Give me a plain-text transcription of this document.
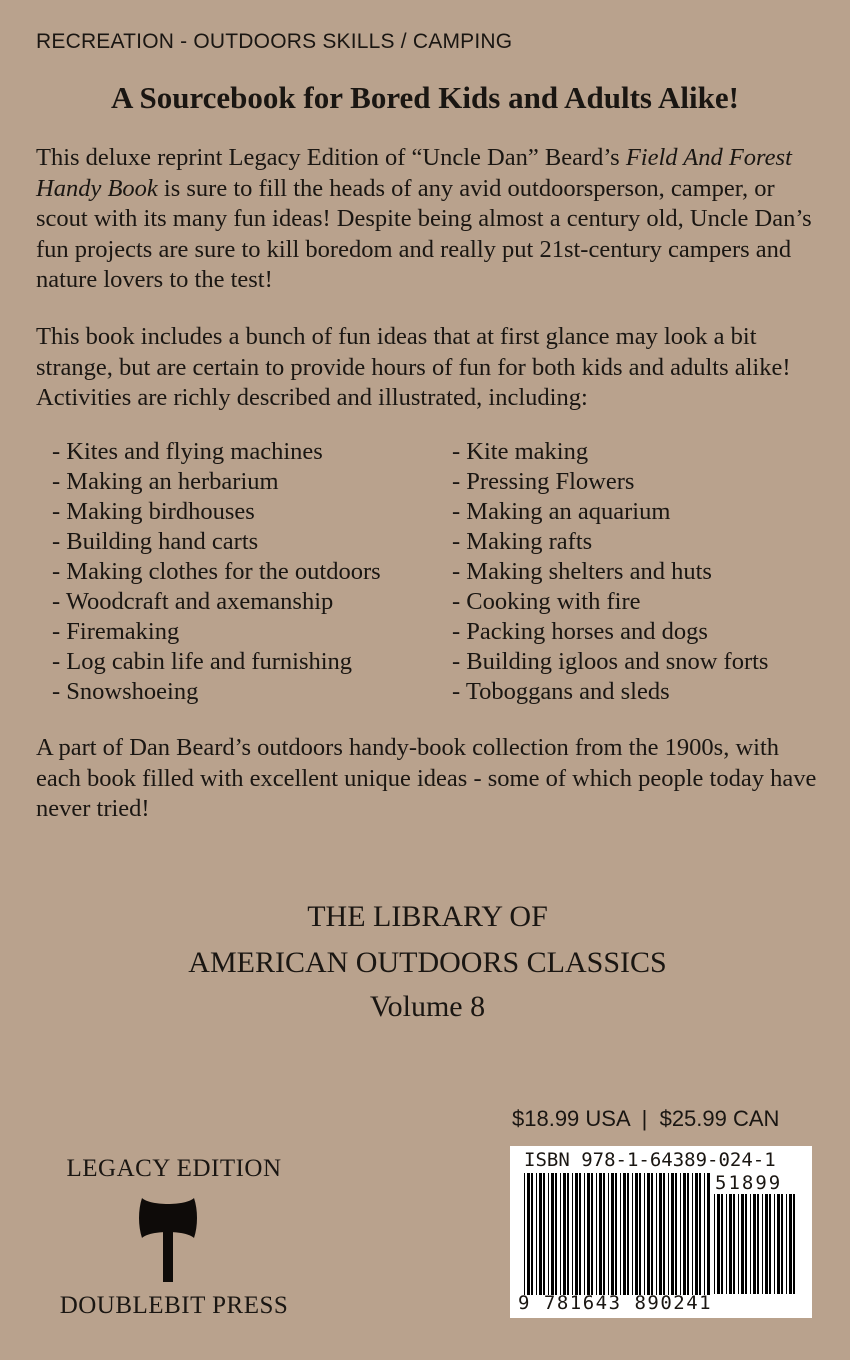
RECREATION - OUTDOORS SKILLS / CAMPING
A Sourcebook for Bored Kids and Adults Alike!

This deluxe reprint Legacy Edition of “Uncle Dan” Beard’s Field And Forest Handy Book is sure to fill the heads of any avid outdoorsperson, camper, or scout with its many fun ideas! Despite being almost a century old, Uncle Dan’s fun projects are sure to kill boredom and really put 21st-century campers and nature lovers to the test!

This book includes a bunch of fun ideas that at first glance may look a bit strange, but are certain to provide hours of fun for both kids and adults alike! Activities are richly described and illustrated, including:

- Kites and flying machines
- Making an herbarium
- Making birdhouses
- Building hand carts
- Making clothes for the outdoors
- Woodcraft and axemanship
- Firemaking
- Log cabin life and furnishing
- Snowshoeing
- Kite making
- Pressing Flowers
- Making an aquarium
- Making rafts
- Making shelters and huts
- Cooking with fire
- Packing horses and dogs
- Building igloos and snow forts
- Toboggans and sleds

A part of Dan Beard’s outdoors handy-book collection from the 1900s, with each book filled with excellent unique ideas - some of which people today have never tried!

THE LIBRARY OF
AMERICAN OUTDOORS CLASSICS
Volume 8
$18.99 USA  |  $25.99 CAN
LEGACY EDITION
DOUBLEBIT PRESS
ISBN 978-1-64389-024-1
51899
9 781643 890241
